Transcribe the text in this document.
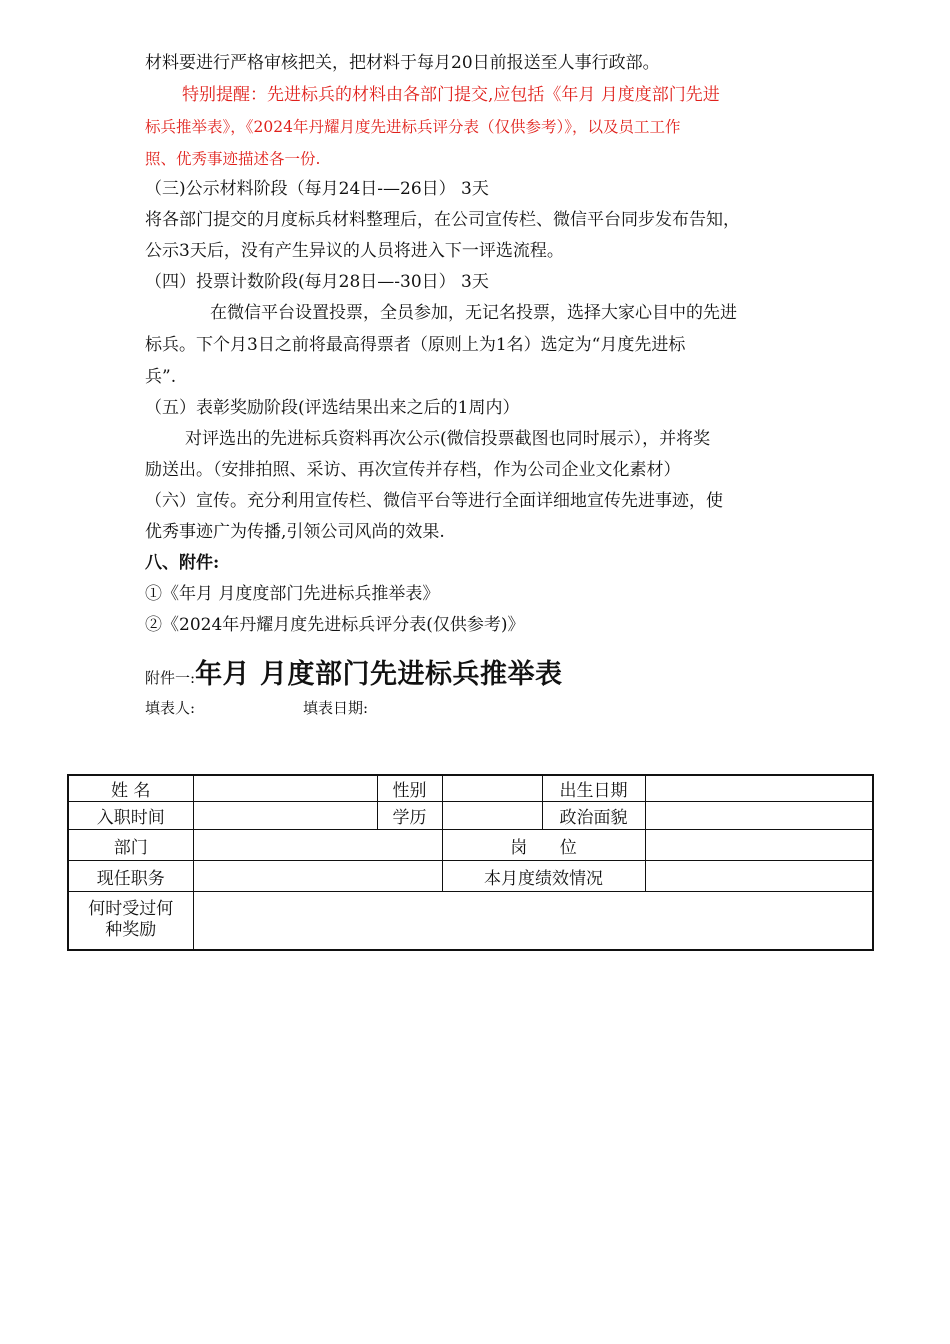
材料要进行严格审核把关，把材料于每月20日前报送至人事行政部。
特别提醒：先进标兵的材料由各部门提交,应包括《年月 月度度部门先进
标兵推举表》，《2024年丹耀月度先进标兵评分表（仅供参考）》，以及员工工作
照、优秀事迹描述各一份.
（三)公示材料阶段（每月24日-—26日） 3天
将各部门提交的月度标兵材料整理后，在公司宣传栏、微信平台同步发布告知，
公示3天后，没有产生异议的人员将进入下一评选流程。
（四）投票计数阶段(每月28日—-30日） 3天
在微信平台设置投票，全员参加，无记名投票，选择大家心目中的先进
标兵。下个月3日之前将最高得票者（原则上为1名）选定为“月度先进标
兵”.
（五）表彰奖励阶段(评选结果出来之后的1周内）
对评选出的先进标兵资料再次公示(微信投票截图也同时展示），并将奖
励送出。（安排拍照、采访、再次宣传并存档，作为公司企业文化素材）
（六）宣传。充分利用宣传栏、微信平台等进行全面详细地宣传先进事迹，使
优秀事迹广为传播,引领公司风尚的效果.
八、附件:
①《年月 月度度部门先进标兵推举表》
②《2024年丹耀月度先进标兵评分表(仅供参考)》
附件一:年月 月度部门先进标兵推举表
填表人:	填表日期:
姓 名		性别		出生日期	
入职时间		学历		政治面貌	
部门			岗      位		
现任职务			本月度绩效情况		

何时受过何
种奖励					
